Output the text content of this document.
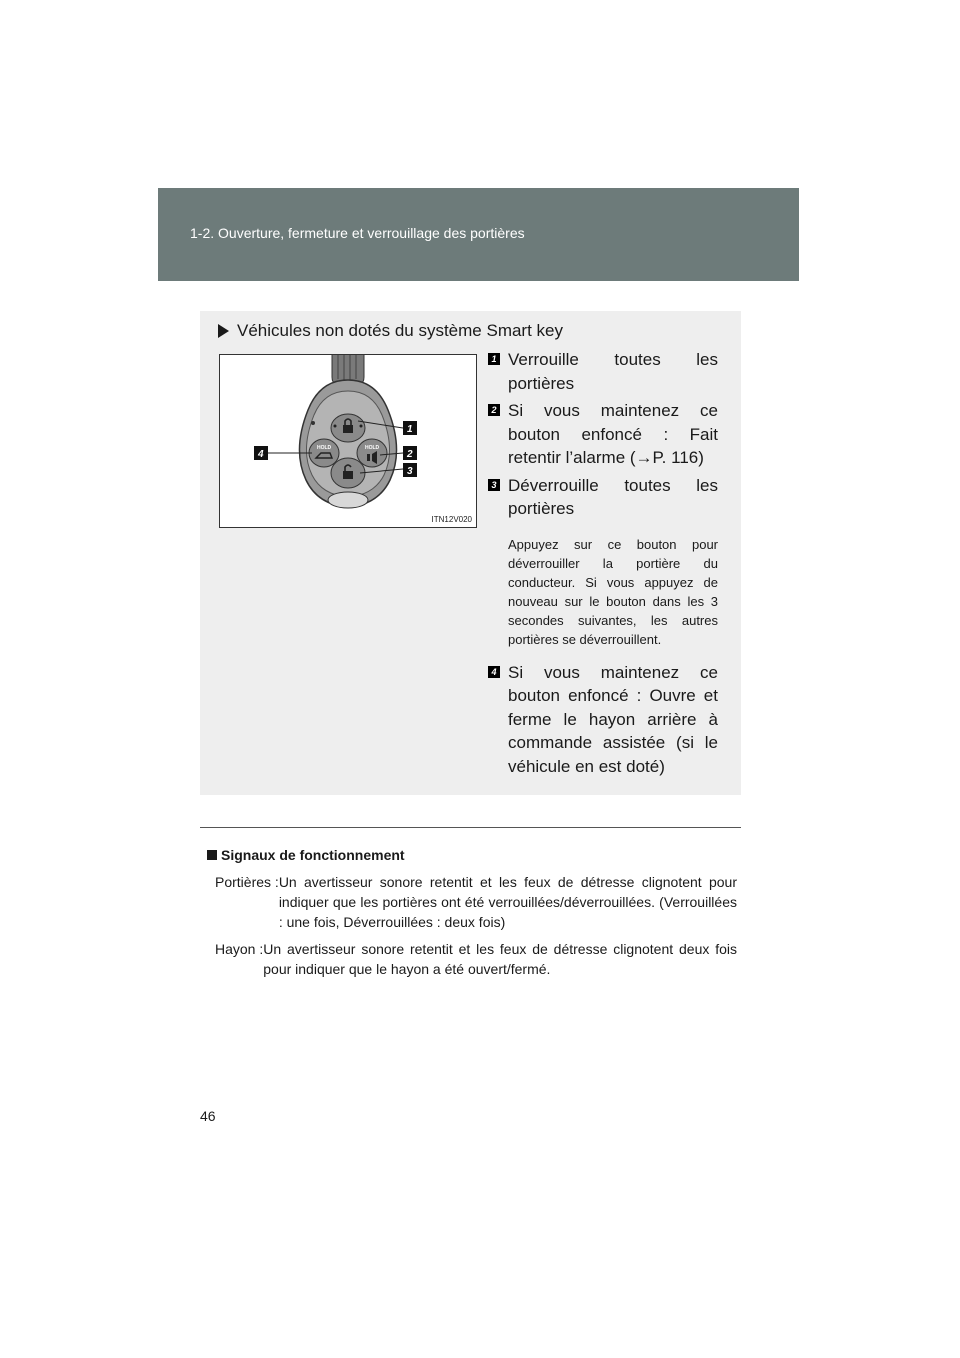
1-2. Ouverture, fermeture et verrouillage des portières
Véhicules non dotés du système Smart key
HOLD	HOLD
1
2
3
4
ITN12V020
1 Verrouille toutes les portières
2 Si vous maintenez ce bouton enfoncé : Fait retentir l’alarme (→P. 116)
3 Déverrouille toutes les portières
Appuyez sur ce bouton pour déverrouiller la portière du conducteur. Si vous appuyez de nouveau sur le bouton dans les 3 secondes suivantes, les autres portières se déverrouillent.
4 Si vous maintenez ce bouton enfoncé : Ouvre et ferme le hayon arrière à commande assistée (si le véhicule en est doté)
Signaux de fonctionnement
Portières : Un avertisseur sonore retentit et les feux de détresse clignotent pour indiquer que les portières ont été verrouillées/déverrouillées. (Verrouillées : une fois, Déverrouillées : deux fois)
Hayon : Un avertisseur sonore retentit et les feux de détresse clignotent deux fois pour indiquer que le hayon a été ouvert/fermé.
46
